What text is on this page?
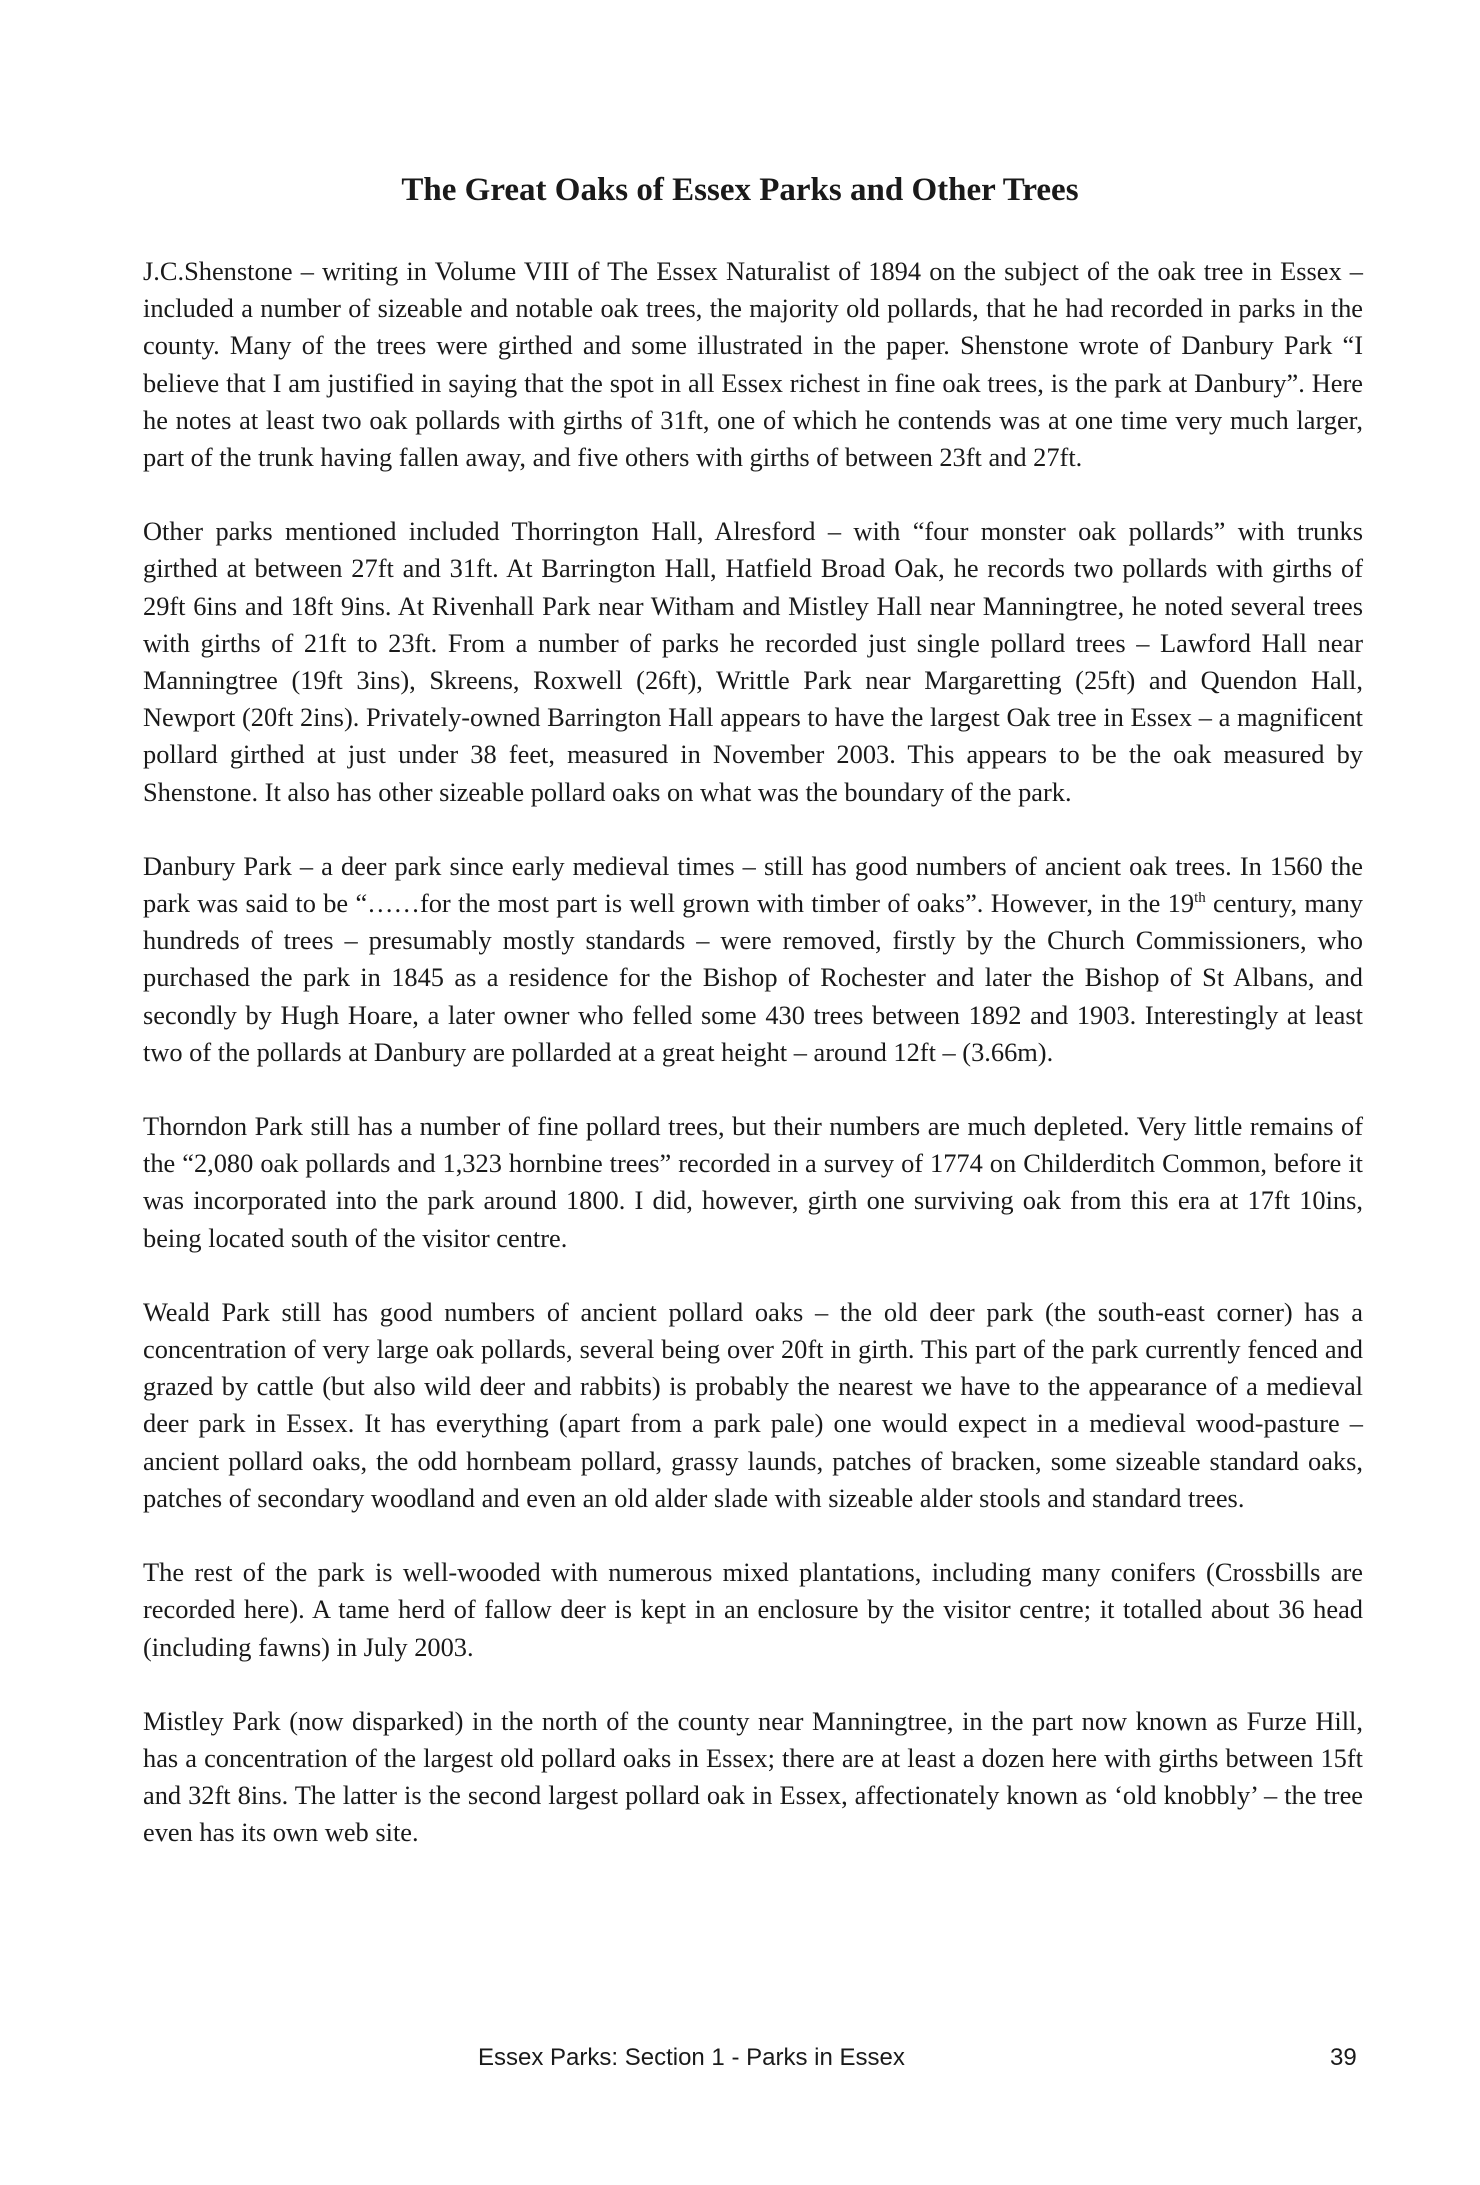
The Great Oaks of Essex Parks and Other Trees

J.C.Shenstone – writing in Volume VIII of The Essex Naturalist of 1894 on the subject of the oak tree in Essex – included a number of sizeable and notable oak trees, the majority old pollards, that he had recorded in parks in the county. Many of the trees were girthed and some illustrated in the paper. Shenstone wrote of Danbury Park “I believe that I am justified in saying that the spot in all Essex richest in fine oak trees, is the park at Danbury”. Here he notes at least two oak pollards with girths of 31ft, one of which he contends was at one time very much larger, part of the trunk having fallen away, and five others with girths of between 23ft and 27ft.

Other parks mentioned included Thorrington Hall, Alresford – with “four monster oak pollards” with trunks girthed at between 27ft and 31ft. At Barrington Hall, Hatfield Broad Oak, he records two pollards with girths of 29ft 6ins and 18ft 9ins. At Rivenhall Park near Witham and Mistley Hall near Manningtree, he noted several trees with girths of 21ft to 23ft. From a number of parks he recorded just single pollard trees – Lawford Hall near Manningtree (19ft 3ins), Skreens, Roxwell (26ft), Writtle Park near Margaretting (25ft) and Quendon Hall, Newport (20ft 2ins). Privately-owned Barrington Hall appears to have the largest Oak tree in Essex – a magnificent pollard girthed at just under 38 feet, measured in November 2003. This appears to be the oak measured by Shenstone. It also has other sizeable pollard oaks on what was the boundary of the park.

Danbury Park – a deer park since early medieval times – still has good numbers of ancient oak trees. In 1560 the park was said to be “……for the most part is well grown with timber of oaks”. However, in the 19th century, many hundreds of trees – presumably mostly standards – were removed, firstly by the Church Commissioners, who purchased the park in 1845 as a residence for the Bishop of Rochester and later the Bishop of St Albans, and secondly by Hugh Hoare, a later owner who felled some 430 trees between 1892 and 1903. Interestingly at least two of the pollards at Danbury are pollarded at a great height – around 12ft – (3.66m).

Thorndon Park still has a number of fine pollard trees, but their numbers are much depleted. Very little remains of the “2,080 oak pollards and 1,323 hornbine trees” recorded in a survey of 1774 on Childerditch Common, before it was incorporated into the park around 1800. I did, however, girth one surviving oak from this era at 17ft 10ins, being located south of the visitor centre.

Weald Park still has good numbers of ancient pollard oaks – the old deer park (the south-east corner) has a concentration of very large oak pollards, several being over 20ft in girth. This part of the park currently fenced and grazed by cattle (but also wild deer and rabbits) is probably the nearest we have to the appearance of a medieval deer park in Essex. It has everything (apart from a park pale) one would expect in a medieval wood-pasture – ancient pollard oaks, the odd hornbeam pollard, grassy launds, patches of bracken, some sizeable standard oaks, patches of secondary woodland and even an old alder slade with sizeable alder stools and standard trees.

The rest of the park is well-wooded with numerous mixed plantations, including many conifers (Crossbills are recorded here). A tame herd of fallow deer is kept in an enclosure by the visitor centre; it totalled about 36 head (including fawns) in July 2003.

Mistley Park (now disparked) in the north of the county near Manningtree, in the part now known as Furze Hill, has a concentration of the largest old pollard oaks in Essex; there are at least a dozen here with girths between 15ft and 32ft 8ins. The latter is the second largest pollard oak in Essex, affectionately known as ‘old knobbly’ – the tree even has its own web site.

Essex Parks: Section 1 - Parks in Essex	39
